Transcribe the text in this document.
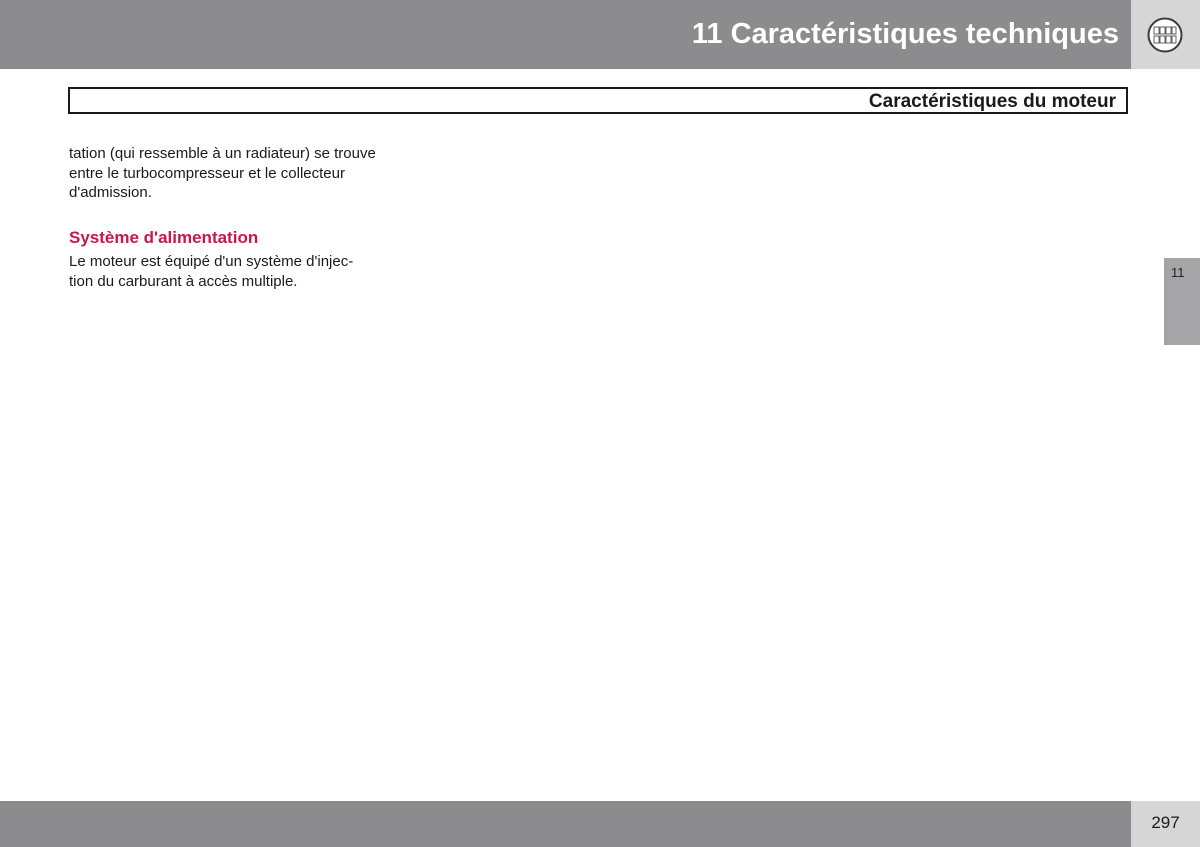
11 Caractéristiques techniques
Caractéristiques du moteur
tation (qui ressemble à un radiateur) se trouve
entre le turbocompresseur et le collecteur
d'admission.
Système d'alimentation
Le moteur est équipé d'un système d'injec-
tion du carburant à accès multiple.	11
297
